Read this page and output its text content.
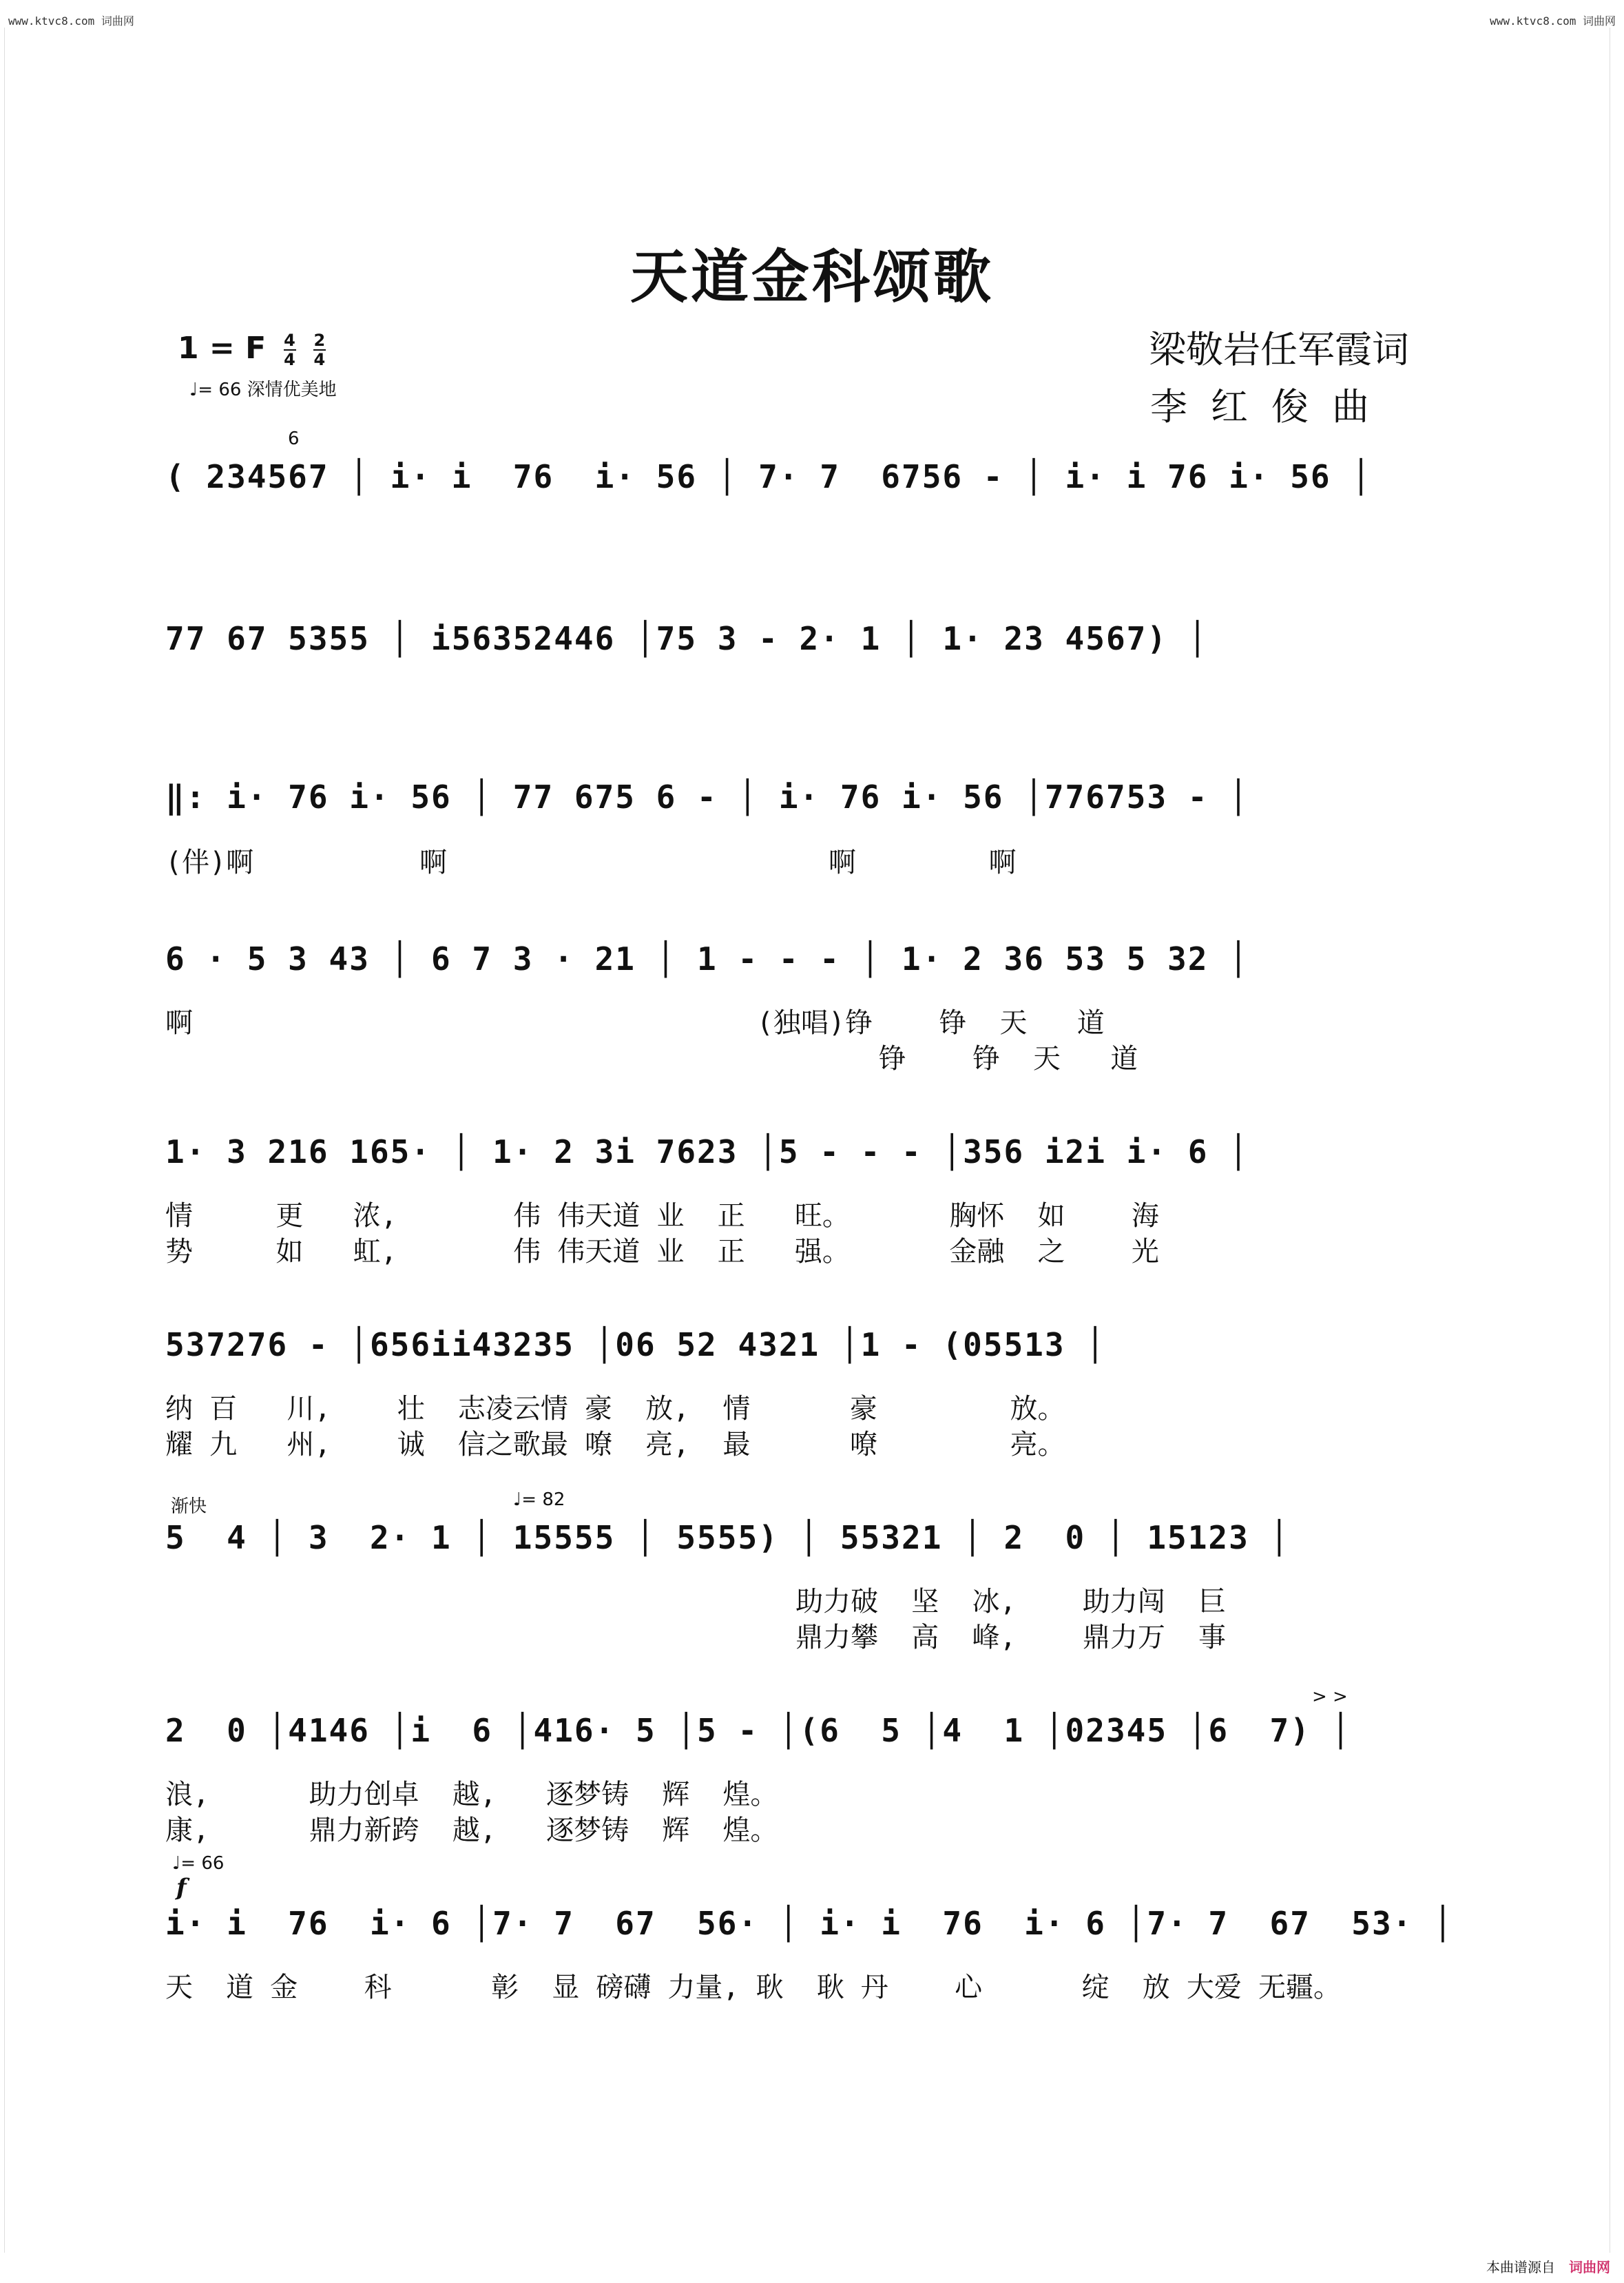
www.ktvc8.com 词曲网	www.ktvc8.com 词曲网
天道金科颂歌
1 = F $\frac{4}{4}$
$\frac{2}{4}$
♩= 66 深情优美地
梁敬岩任军霞词
李红俊曲
6
渐快	♩= 82
♩= 66
f
> >
( 234567 │ i· i  76  i· 56 │ 7· 7  6756 - │ i· i 76 i· 56 │
77 67 5355 │ i56352446 │75 3 - 2· 1 │ 1· 23 4567) │
‖: i· 76 i· 56 │ 77 675 6 - │ i· 76 i· 56 │776753 - │
(伴)啊          啊                       啊        啊
6 · 5 3 43 │ 6 7 3 · 21 │ 1 - - - │ 1· 2 36 53 5 32 │
啊                                  (独唱)铮    铮  天   道
铮    铮  天   道
1· 3 216 165· │ 1· 2 3i 7623 │5 - - - │356 i2i i· 6 │
情     更   浓,       伟 伟天道 业  正   旺。      胸怀  如    海
势     如   虹,       伟 伟天道 业  正   强。      金融  之    光
537276 - │656ii43235 │06 52 4321 │1 - (05513 │
纳 百   川,    壮  志凌云情 豪  放,  情      豪        放。
耀 九   州,    诚  信之歌最 嘹  亮,  最      嘹        亮。
5  4 │ 3  2· 1 │ 15555 │ 5555) │ 55321 │ 2  0 │ 15123 │
助力破  坚  冰,    助力闯  巨
鼎力攀  高  峰,    鼎力万  事
2  0 │4146 │i  6 │416· 5 │5 - │(6  5 │4  1 │02345 │6  7) │
浪,      助力创卓  越,   逐梦铸  辉  煌。
康,      鼎力新跨  越,   逐梦铸  辉  煌。
i· i  76  i· 6 │7· 7  67  56· │ i· i  76  i· 6 │7· 7  67  53· │
天  道 金    科      彰  显 磅礴 力量, 耿  耿 丹    心      绽  放 大爱 无疆。
本曲谱源自 词曲网
